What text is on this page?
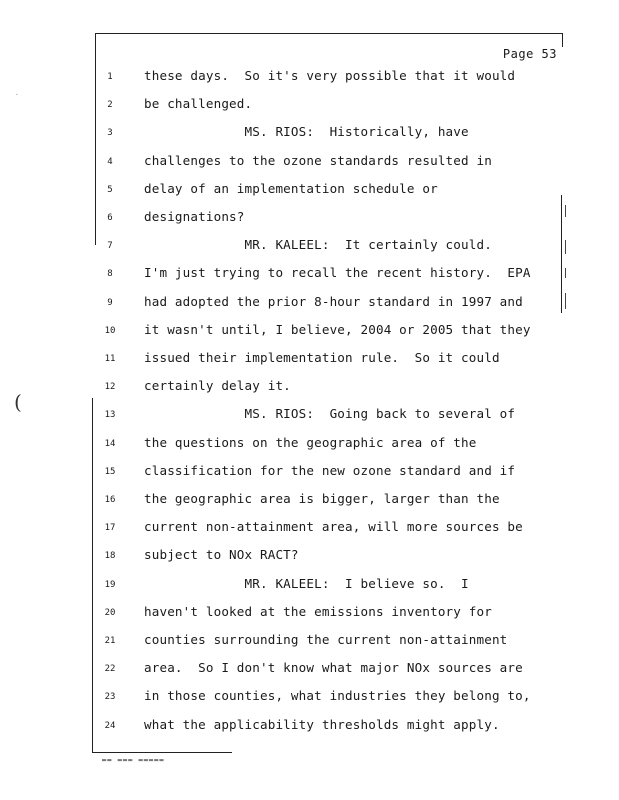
·
(
Page 53
1	these days.  So it's very possible that it would
2	be challenged.
3	MS. RIOS:  Historically, have
4	challenges to the ozone standards resulted in
5	delay of an implementation schedule or
6	designations?
7	MR. KALEEL:  It certainly could.
8	I'm just trying to recall the recent history.  EPA
9	had adopted the prior 8-hour standard in 1997 and
10	it wasn't until, I believe, 2004 or 2005 that they
11	issued their implementation rule.  So it could
12	certainly delay it.
13	MS. RIOS:  Going back to several of
14	the questions on the geographic area of the
15	classification for the new ozone standard and if
16	the geographic area is bigger, larger than the
17	current non-attainment area, will more sources be
18	subject to NOx RACT?
19	MR. KALEEL:  I believe so.  I
20	haven't looked at the emissions inventory for
21	counties surrounding the current non-attainment
22	area.  So I don't know what major NOx sources are
23	in those counties, what industries they belong to,
24	what the applicability thresholds might apply.
▬▬ ▬▬▬ ▬▬▬▬▬
